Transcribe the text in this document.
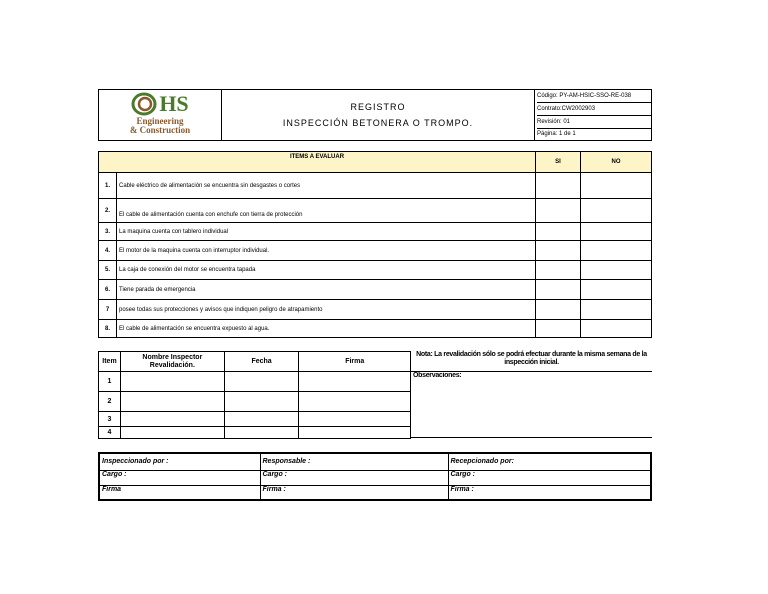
HS
Engineering
& Construction

REGISTRO
INSPECCIÓN BETONERA O TROMPO.

Código: PY-AM-HSIC-SSO-RE-038
Contrato:CW2002903
Revisión: 01
Página: 1 de 1
ITEMS A EVALUAR		SI	NO
1.	Cable eléctrico de alimentación se encuentra sin desgastes o cortes		
2.	El cable de alimentación cuenta con enchufe con tierra de protección		
3.	La maquina cuenta con tablero individual		
4.	El motor de la maquina cuenta con interruptor individual.		
5.	La caja de conexión del motor se encuentra tapada		
6.	Tiene parada de emergencia		
7	posee todas sus protecciones y avisos que indiquen peligro de atrapamiento		
8.	El cable de alimentación se encuentra expuesto al agua.		
Item	Nombre Inspector Revalidación.	Fecha	Firma
1			
2			
3			
4			
Nota: La revalidación sólo se podrá efectuar durante la misma semana de la inspección inicial.
Observaciones:
Inspeccionado por :	Responsable :	Recepcionado por:
Cargo :	Cargo :	Cargo :
Firma	Firma :	Firma :
